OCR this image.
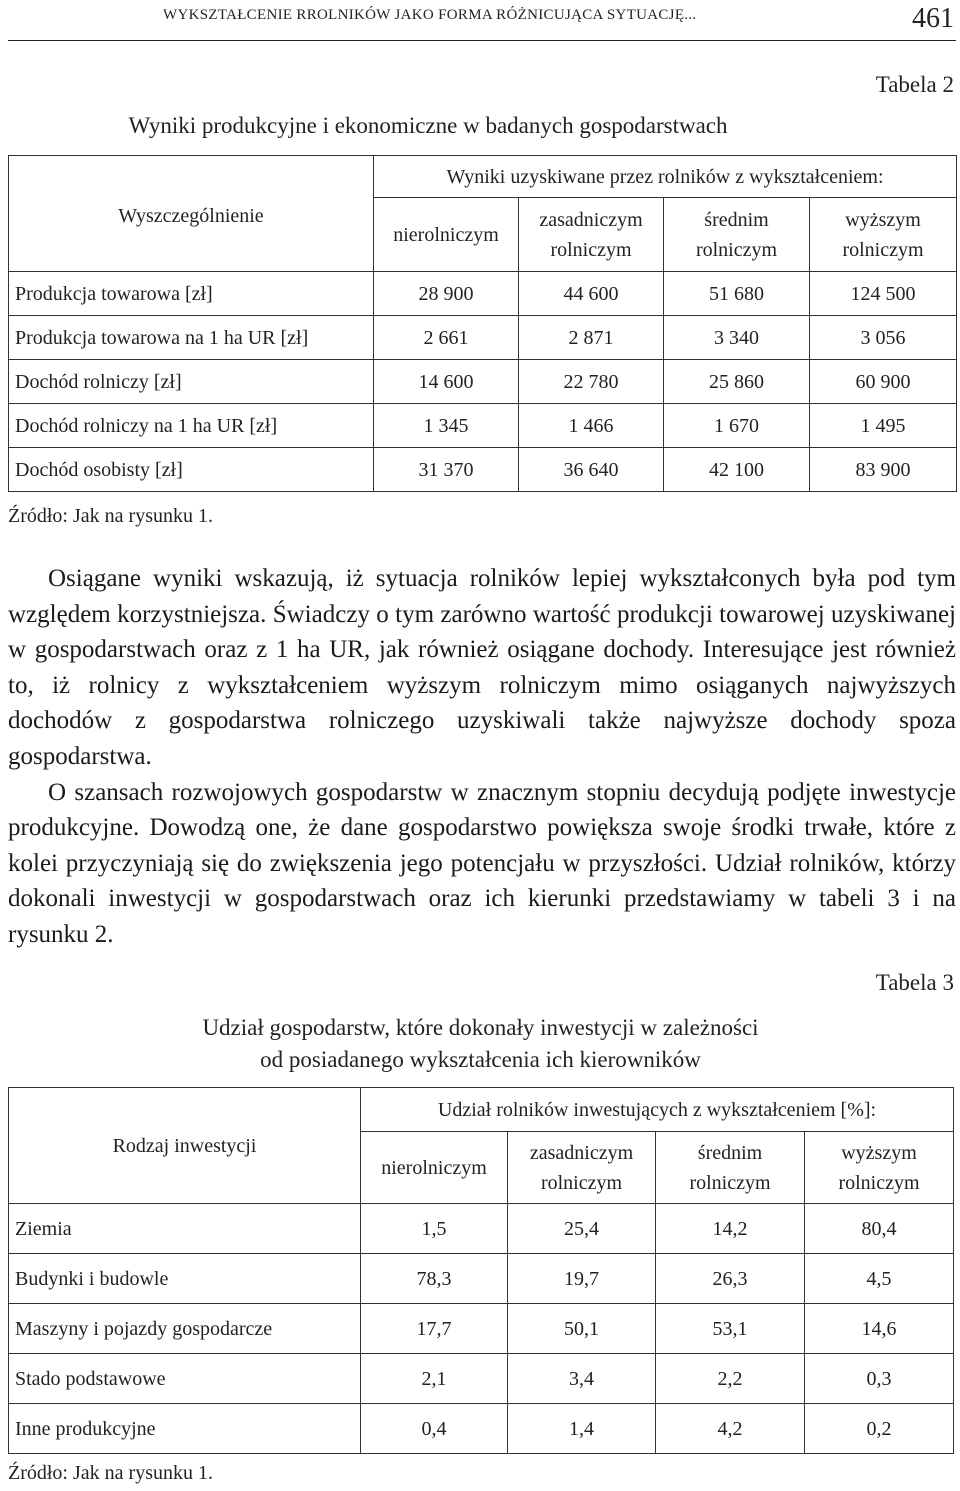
WYKSZTAŁCENIE RROLNIKÓW JAKO FORMA RÓŻNICUJĄCA SYTUACJĘ...	461
Tabela 2
Wyniki produkcyjne i ekonomiczne w badanych gospodarstwach
Wyszczególnienie	Wyniki uzyskiwane przez rolników z wykształceniem:			
	nierolniczym	zasadniczym rolniczym	średnim rolniczym	wyższym rolniczym
Produkcja towarowa [zł]	28 900	44 600	51 680	124 500
Produkcja towarowa na 1 ha UR [zł]	2 661	2 871	3 340	3 056
Dochód rolniczy [zł]	14 600	22 780	25 860	60 900
Dochód rolniczy na 1 ha UR [zł]	1 345	1 466	1 670	1 495
Dochód osobisty [zł]	31 370	36 640	42 100	83 900
Źródło: Jak na rysunku 1.

Osiągane wyniki wskazują, iż sytuacja rolników lepiej wykształconych była pod tym względem korzystniejsza. Świadczy o tym zarówno wartość produkcji towarowej uzyskiwanej w gospodarstwach oraz z 1 ha UR, jak również osiągane dochody. Interesujące jest również to, iż rolnicy z wykształceniem wyższym rolniczym mimo osiąganych najwyższych dochodów z gospodarstwa rolniczego uzyskiwali także najwyższe dochody spoza gospodarstwa.

O szansach rozwojowych gospodarstw w znacznym stopniu decydują podjęte inwestycje produkcyjne. Dowodzą one, że dane gospodarstwo powiększa swoje środki trwałe, które z kolei przyczyniają się do zwiększenia jego potencjału w przyszłości. Udział rolników, którzy dokonali inwestycji w gospodarstwach oraz ich kierunki przedstawiamy w tabeli 3 i na rysunku 2.

Tabela 3
Udział gospodarstw, które dokonały inwestycji w zależności
od posiadanego wykształcenia ich kierowników
Rodzaj inwestycji	Udział rolników inwestujących z wykształceniem [%]:			
	nierolniczym	zasadniczym rolniczym	średnim rolniczym	wyższym rolniczym
Ziemia	1,5	25,4	14,2	80,4
Budynki i budowle	78,3	19,7	26,3	4,5
Maszyny i pojazdy gospodarcze	17,7	50,1	53,1	14,6
Stado podstawowe	2,1	3,4	2,2	0,3
Inne produkcyjne	0,4	1,4	4,2	0,2
Źródło: Jak na rysunku 1.
